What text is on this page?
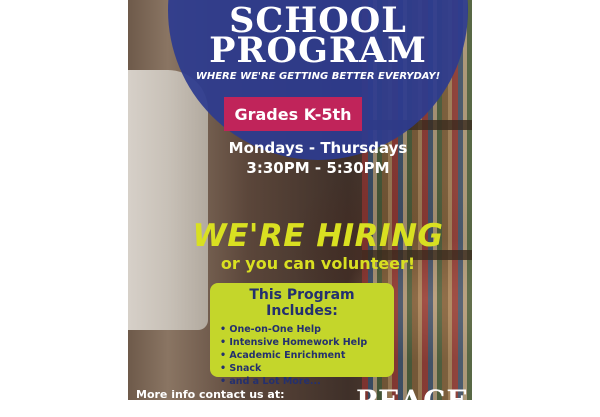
SCHOOL
PROGRAM
WHERE WE'RE GETTING BETTER EVERYDAY!
Grades K-5th
Mondays - Thursdays
3:30PM - 5:30PM
WE'RE HIRING
or you can volunteer!
This Program Includes:
• One-on-One Help
• Intensive Homework Help
• Academic Enrichment
• Snack
• and a Lot More...
More info contact us at:	PEACE
